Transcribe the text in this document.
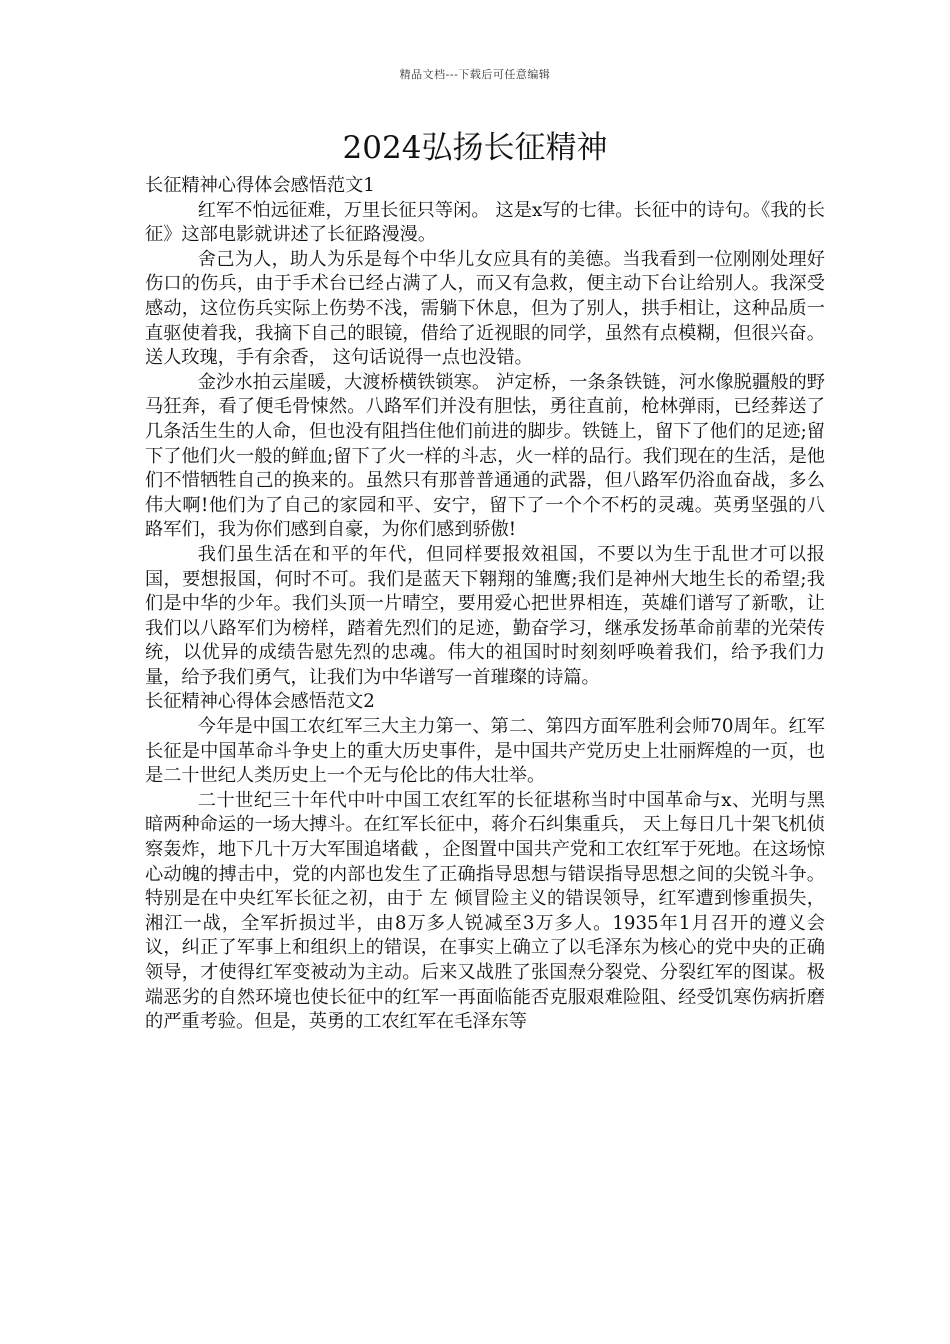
精品文档---下载后可任意编辑
2024弘扬长征精神

长征精神心得体会感悟范文1

红军不怕远征难，万里长征只等闲。 这是x写的七律。长征中的诗句。《我的长征》这部电影就讲述了长征路漫漫。

舍己为人，助人为乐是每个中华儿女应具有的美德。当我看到一位刚刚处理好伤口的伤兵，由于手术台已经占满了人，而又有急救，便主动下台让给别人。我深受感动，这位伤兵实际上伤势不浅，需躺下休息，但为了别人，拱手相让，这种品质一直驱使着我，我摘下自己的眼镜，借给了近视眼的同学，虽然有点模糊，但很兴奋。 送人玫瑰，手有余香， 这句话说得一点也没错。

金沙水拍云崖暖，大渡桥横铁锁寒。 泸定桥，一条条铁链，河水像脱疆般的野马狂奔，看了便毛骨悚然。八路军们并没有胆怯，勇往直前，枪林弹雨，已经葬送了几条活生生的人命，但也没有阻挡住他们前进的脚步。铁链上，留下了他们的足迹;留下了他们火一般的鲜血;留下了火一样的斗志，火一样的品行。我们现在的生活，是他们不惜牺牲自己的换来的。虽然只有那普普通通的武器，但八路军仍浴血奋战，多么伟大啊!他们为了自己的家园和平、安宁，留下了一个个不朽的灵魂。英勇坚强的八路军们，我为你们感到自豪，为你们感到骄傲!

我们虽生活在和平的年代，但同样要报效祖国，不要以为生于乱世才可以报国，要想报国，何时不可。我们是蓝天下翱翔的雏鹰;我们是神州大地生长的希望;我们是中华的少年。我们头顶一片晴空，要用爱心把世界相连，英雄们谱写了新歌，让我们以八路军们为榜样，踏着先烈们的足迹，勤奋学习，继承发扬革命前辈的光荣传统，以优异的成绩告慰先烈的忠魂。伟大的祖国时时刻刻呼唤着我们，给予我们力量，给予我们勇气，让我们为中华谱写一首璀璨的诗篇。

长征精神心得体会感悟范文2

今年是中国工农红军三大主力第一、第二、第四方面军胜利会师70周年。红军长征是中国革命斗争史上的重大历史事件，是中国共产党历史上壮丽辉煌的一页，也是二十世纪人类历史上一个无与伦比的伟大壮举。

二十世纪三十年代中叶中国工农红军的长征堪称当时中国革命与x、光明与黑暗两种命运的一场大搏斗。在红军长征中，蒋介石纠集重兵， 天上每日几十架飞机侦察轰炸，地下几十万大军围追堵截 ，企图置中国共产党和工农红军于死地。在这场惊心动魄的搏击中，党的内部也发生了正确指导思想与错误指导思想之间的尖锐斗争。特别是在中央红军长征之初，由于 左 倾冒险主义的错误领导，红军遭到惨重损失，湘江一战，全军折损过半，由8万多人锐减至3万多人。1935年1月召开的遵义会议，纠正了军事上和组织上的错误，在事实上确立了以毛泽东为核心的党中央的正确领导，才使得红军变被动为主动。后来又战胜了张国焘分裂党、分裂红军的图谋。极端恶劣的自然环境也使长征中的红军一再面临能否克服艰难险阻、经受饥寒伤病折磨的严重考验。但是，英勇的工农红军在毛泽东等
